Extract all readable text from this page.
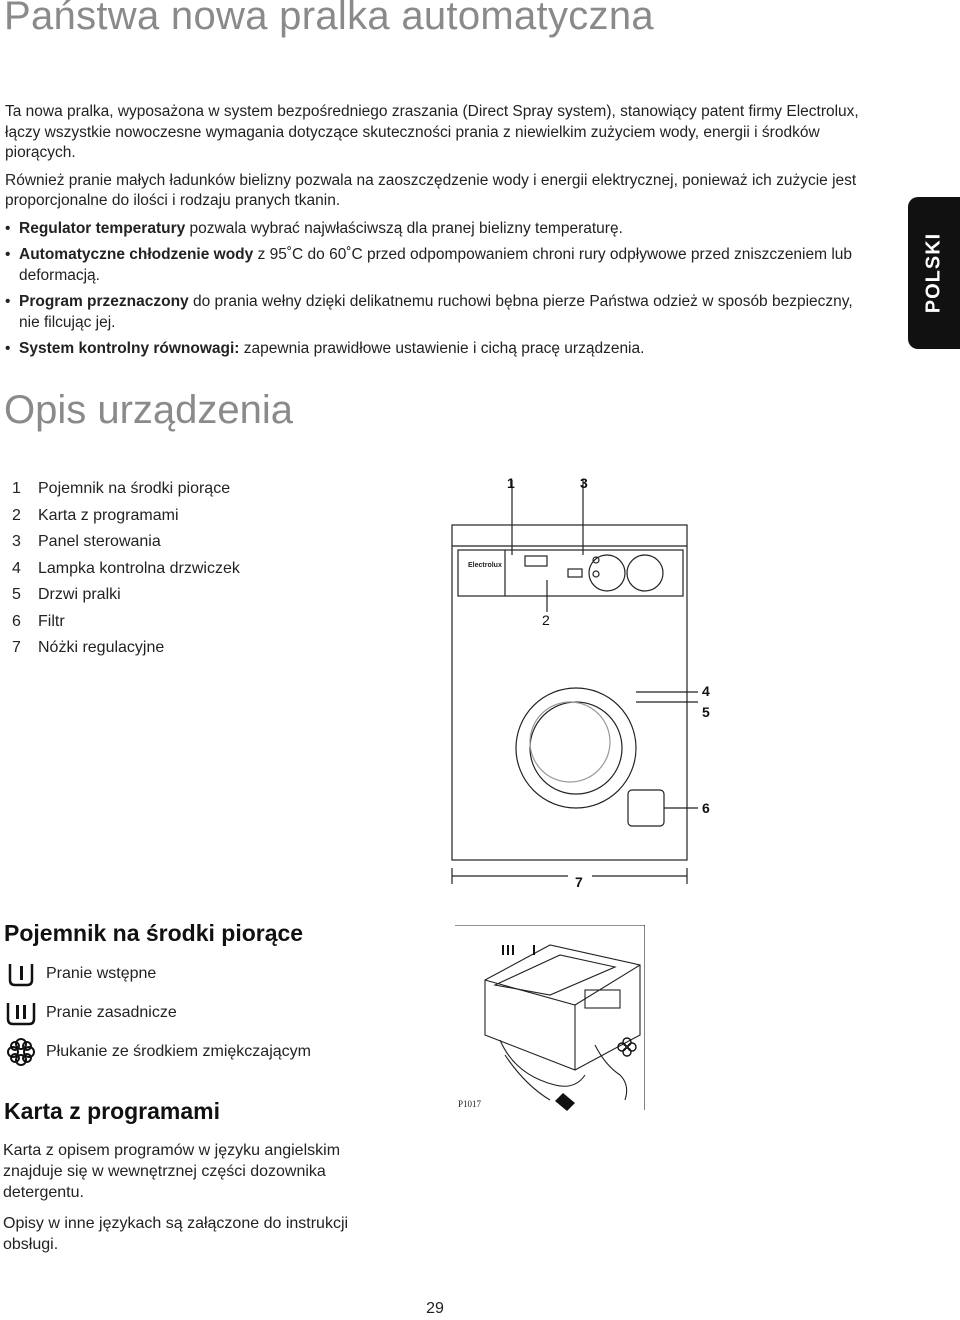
Państwa nowa pralka automatyczna

Ta nowa pralka, wyposażona w system bezpośredniego zraszania (Direct Spray system), stanowiący patent firmy Electrolux, łączy wszystkie nowoczesne wymagania dotyczące skuteczności prania z niewielkim zużyciem wody, energii i środków piorących.

Również pranie małych ładunków bielizny pozwala na zaoszczędzenie wody i energii elektrycznej, ponieważ ich zużycie jest proporcjonalne do ilości i rodzaju pranych tkanin.

• Regulator temperatury pozwala wybrać najwłaściwszą dla pranej bielizny temperaturę.
• Automatyczne chłodzenie wody z 95˚C do 60˚C przed odpompowaniem chroni rury odpływowe przed zniszczeniem lub deformacją.
• Program przeznaczony do prania wełny dzięki delikatnemu ruchowi bębna pierze Państwa odzież w sposób bezpieczny, nie filcując jej.
• System kontrolny równowagi: zapewnia prawidłowe ustawienie i cichą pracę urządzenia.
POLSKI
Opis urządzenia
1 Pojemnik na środki piorące
2 Karta z programami
3 Panel sterowania
4 Lampka kontrolna drzwiczek
5 Drzwi pralki
6 Filtr
7 Nóżki regulacyjne
Electrolux
1	3
2
4
5
6
7
Pojemnik na środki piorące
Pranie wstępne
Pranie zasadnicze
Płukanie ze środkiem zmiękczającym
P1017
Karta z programami

Karta z opisem programów w języku angielskim znajduje się w wewnętrznej części dozownika detergentu.

Opisy w inne językach są załączone do instrukcji obsługi.

29
